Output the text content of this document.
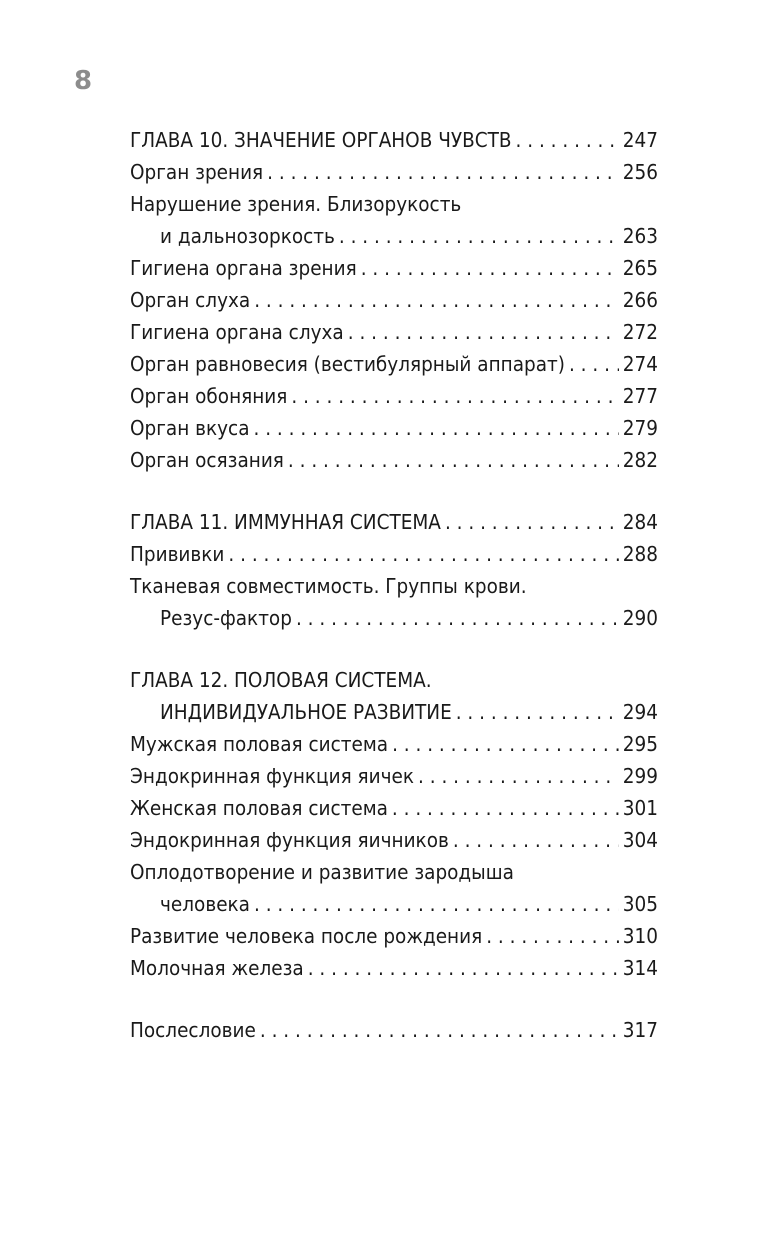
8
ГЛАВА 10. ЗНАЧЕНИЕ ОРГАНОВ ЧУВСТВ . . .	247
Орган зрения . . .	256
Нарушение зрения. Близорукость
и дальнозоркость . . .	263
Гигиена органа зрения . . .	265
Орган слуха . . .	266
Гигиена органа слуха . . .	272
Орган равновесия (вестибулярный аппарат) . . .	274
Орган обоняния . . .	277
Орган вкуса . . .	279
Орган осязания . . .	282
ГЛАВА 11. ИММУННАЯ СИСТЕМА . . .	284
Прививки . . .	288
Тканевая совместимость. Группы крови.
Резус-фактор . . .	290
ГЛАВА 12. ПОЛОВАЯ СИСТЕМА.
ИНДИВИДУАЛЬНОЕ РАЗВИТИЕ . . .	294
Мужская половая система . . .	295
Эндокринная функция яичек . . .	299
Женская половая система . . .	301
Эндокринная функция яичников . . .	304
Оплодотворение и развитие зародыша
человека . . .	305
Развитие человека после рождения . . .	310
Молочная железа . . .	314
Послесловие . . .	317
